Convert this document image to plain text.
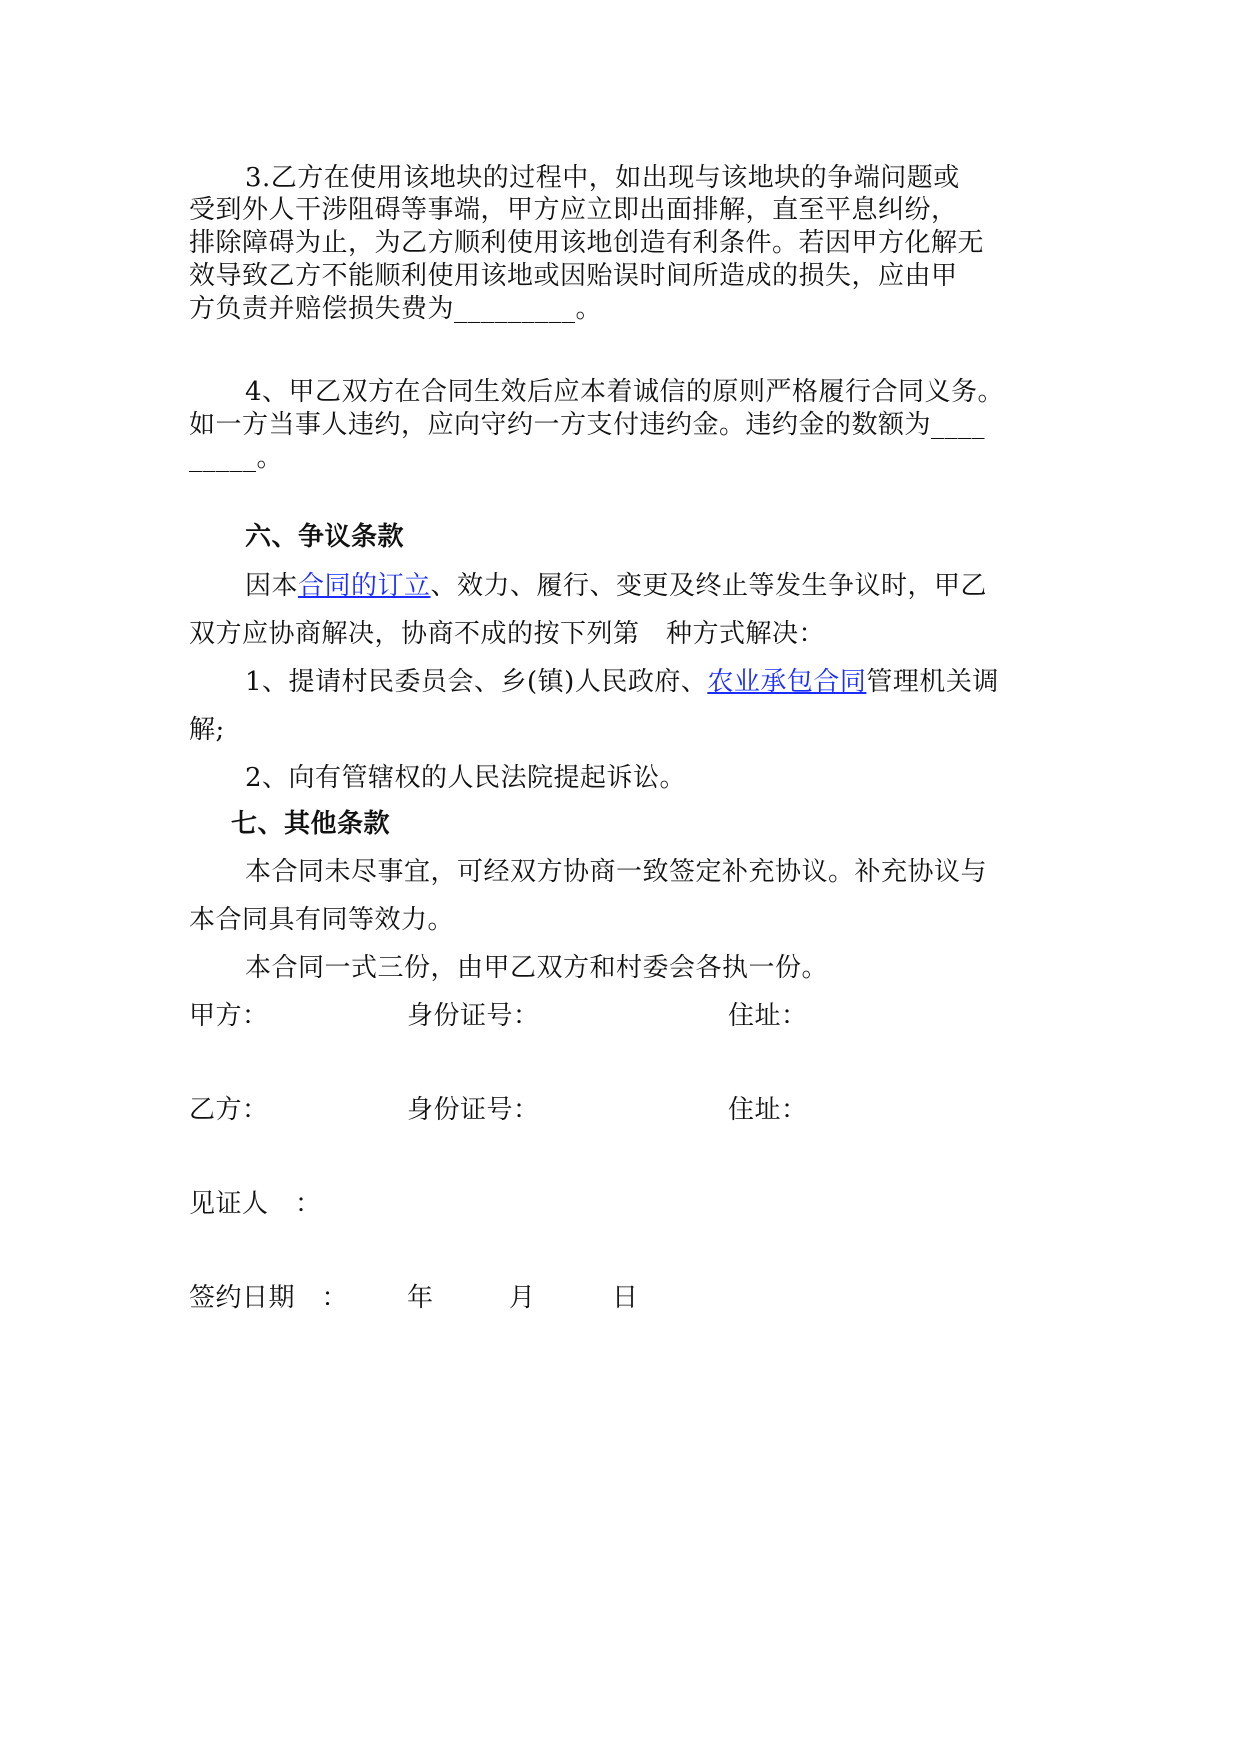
3.乙方在使用该地块的过程中，如出现与该地块的争端问题或
受到外人干涉阻碍等事端，甲方应立即出面排解，直至平息纠纷，
排除障碍为止，为乙方顺利使用该地创造有利条件。若因甲方化解无
效导致乙方不能顺利使用该地或因贻误时间所造成的损失，应由甲
方负责并赔偿损失费为_________。
4、甲乙双方在合同生效后应本着诚信的原则严格履行合同义务。
如一方当事人违约，应向守约一方支付违约金。违约金的数额为____
_____。
六、争议条款
因本合同的订立、效力、履行、变更及终止等发生争议时，甲乙
双方应协商解决，协商不成的按下列第　种方式解决：
1、提请村民委员会、乡(镇)人民政府、农业承包合同管理机关调
解;
2、向有管辖权的人民法院提起诉讼。
七、其他条款
本合同未尽事宜，可经双方协商一致签定补充协议。补充协议与
本合同具有同等效力。
本合同一式三份，由甲乙双方和村委会各执一份。
甲方：	身份证号：	住址：
乙方：	身份证号：	住址：
见证人　：
签约日期　： 年	月	日
